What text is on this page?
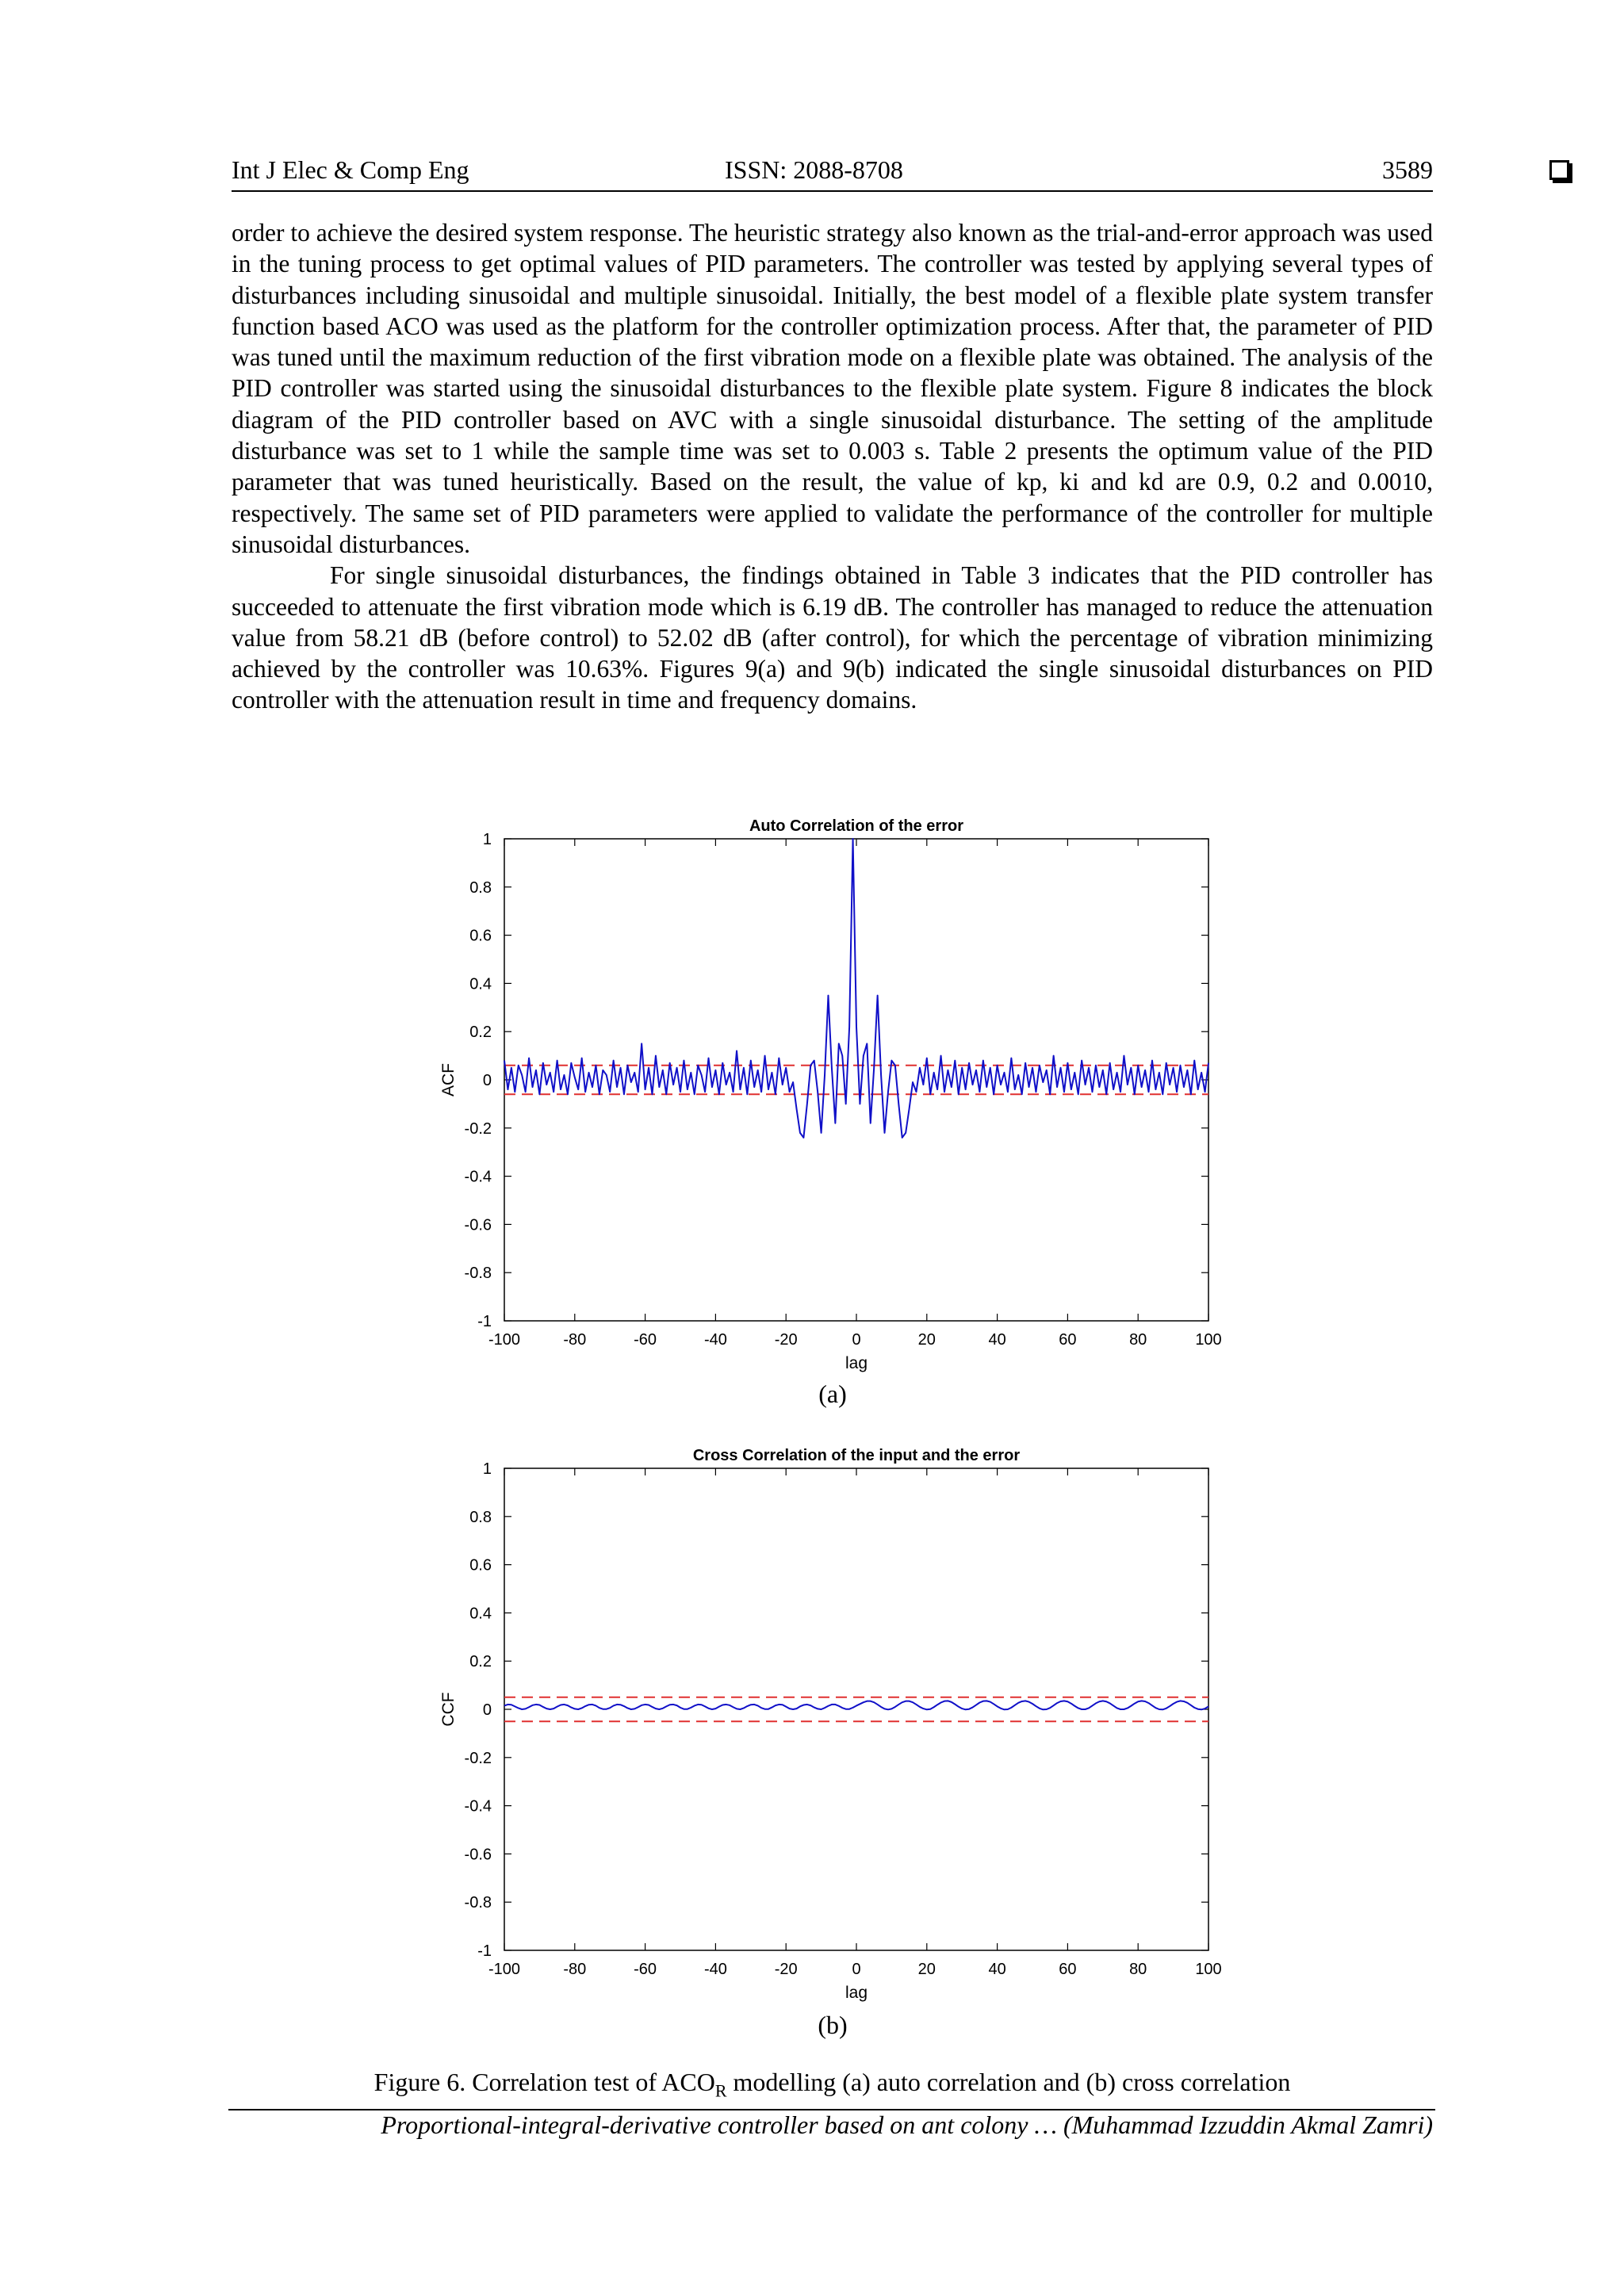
Int J Elec & Comp Eng	ISSN: 2088-8708	3589

order to achieve the desired system response. The heuristic strategy also known as the trial-and-error approach was used in the tuning process to get optimal values of PID parameters. The controller was tested by applying several types of disturbances including sinusoidal and multiple sinusoidal. Initially, the best model of a flexible plate system transfer function based ACO was used as the platform for the controller optimization process. After that, the parameter of PID was tuned until the maximum reduction of the first vibration mode on a flexible plate was obtained. The analysis of the PID controller was started using the sinusoidal disturbances to the flexible plate system. Figure 8 indicates the block diagram of the PID controller based on AVC with a single sinusoidal disturbance. The setting of the amplitude disturbance was set to 1 while the sample time was set to 0.003 s. Table 2 presents the optimum value of the PID parameter that was tuned heuristically. Based on the result, the value of kp, ki and kd are 0.9, 0.2 and 0.0010, respectively. The same set of PID parameters were applied to validate the performance of the controller for multiple sinusoidal disturbances.

For single sinusoidal disturbances, the findings obtained in Table 3 indicates that the PID controller has succeeded to attenuate the first vibration mode which is 6.19 dB. The controller has managed to reduce the attenuation value from 58.21 dB (before control) to 52.02 dB (after control), for which the percentage of vibration minimizing achieved by the controller was 10.63%. Figures 9(a) and 9(b) indicated the single sinusoidal disturbances on PID controller with the attenuation result in time and frequency domains.

Auto Correlation of the error
-100	-80	-60	-40	-20	0	20	40	60	80	100
-1
-0.8
-0.6
-0.4
-0.2
0
0.2
0.4
0.6
0.8
1
lag
ACF
(a)
Cross Correlation of the input and the error
-100	-80	-60	-40	-20	0	20	40	60	80	100
-1
-0.8
-0.6
-0.4
-0.2
0
0.2
0.4
0.6
0.8
1
lag
CCF
(b)
Figure 6. Correlation test of $ACO_R$ modelling (a) auto correlation and (b) cross correlation
Proportional-integral-derivative controller based on ant colony … (Muhammad Izzuddin Akmal Zamri)
